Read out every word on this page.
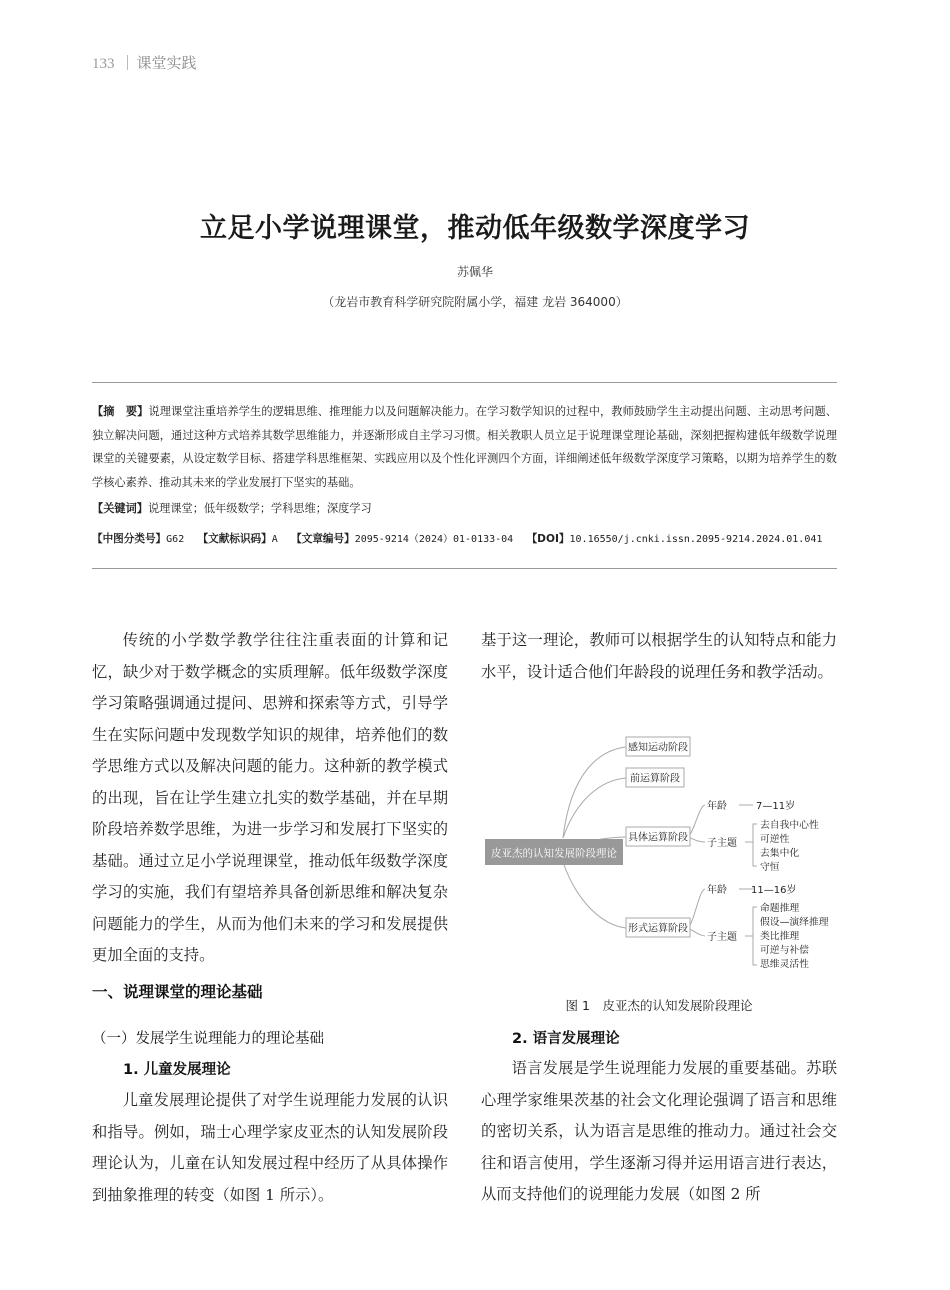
133 课堂实践
立足小学说理课堂，推动低年级数学深度学习
苏佩华
（龙岩市教育科学研究院附属小学，福建 龙岩 364000）
【摘　要】说理课堂注重培养学生的逻辑思维、推理能力以及问题解决能力。在学习数学知识的过程中，教师鼓励学生主动提出问题、主动思考问题、独立解决问题，通过这种方式培养其数学思维能力，并逐渐形成自主学习习惯。相关教职人员立足于说理课堂理论基础，深刻把握构建低年级数学说理课堂的关键要素，从设定数学目标、搭建学科思维框架、实践应用以及个性化评测四个方面，详细阐述低年级数学深度学习策略，以期为培养学生的数学核心素养、推动其未来的学业发展打下坚实的基础。
【关键词】说理课堂；低年级数学；学科思维；深度学习
【中图分类号】G62 【文献标识码】A 【文章编号】2095-9214（2024）01-0133-04 【DOI】10.16550/j.cnki.issn.2095-9214.2024.01.041

传统的小学数学教学往往注重表面的计算和记忆，缺少对于数学概念的实质理解。低年级数学深度学习策略强调通过提问、思辨和探索等方式，引导学生在实际问题中发现数学知识的规律，培养他们的数学思维方式以及解决问题的能力。这种新的教学模式的出现，旨在让学生建立扎实的数学基础，并在早期阶段培养数学思维，为进一步学习和发展打下坚实的基础。通过立足小学说理课堂，推动低年级数学深度学习的实施，我们有望培养具备创新思维和解决复杂问题能力的学生，从而为他们未来的学习和发展提供更加全面的支持。

一、说理课堂的理论基础
（一）发展学生说理能力的理论基础
1. 儿童发展理论

儿童发展理论提供了对学生说理能力发展的认识和指导。例如，瑞士心理学家皮亚杰的认知发展阶段理论认为，儿童在认知发展过程中经历了从具体操作到抽象推理的转变（如图 1 所示）。

基于这一理论，教师可以根据学生的认知特点和能力水平，设计适合他们年龄段的说理任务和教学活动。

皮亚杰的认知发展阶段理论
感知运动阶段
前运算阶段
具体运算阶段
年龄	7—11岁
子主题
去自我中心性
可逆性
去集中化
守恒
形式运算阶段
年龄 11—16岁
子主题
命题推理
假设—演绎推理
类比推理
可逆与补偿
思维灵活性
图 1　皮亚杰的认知发展阶段理论
2. 语言发展理论

语言发展是学生说理能力发展的重要基础。苏联心理学家维果茨基的社会文化理论强调了语言和思维的密切关系，认为语言是思维的推动力。通过社会交往和语言使用，学生逐渐习得并运用语言进行表达，从而支持他们的说理能力发展（如图 2 所
